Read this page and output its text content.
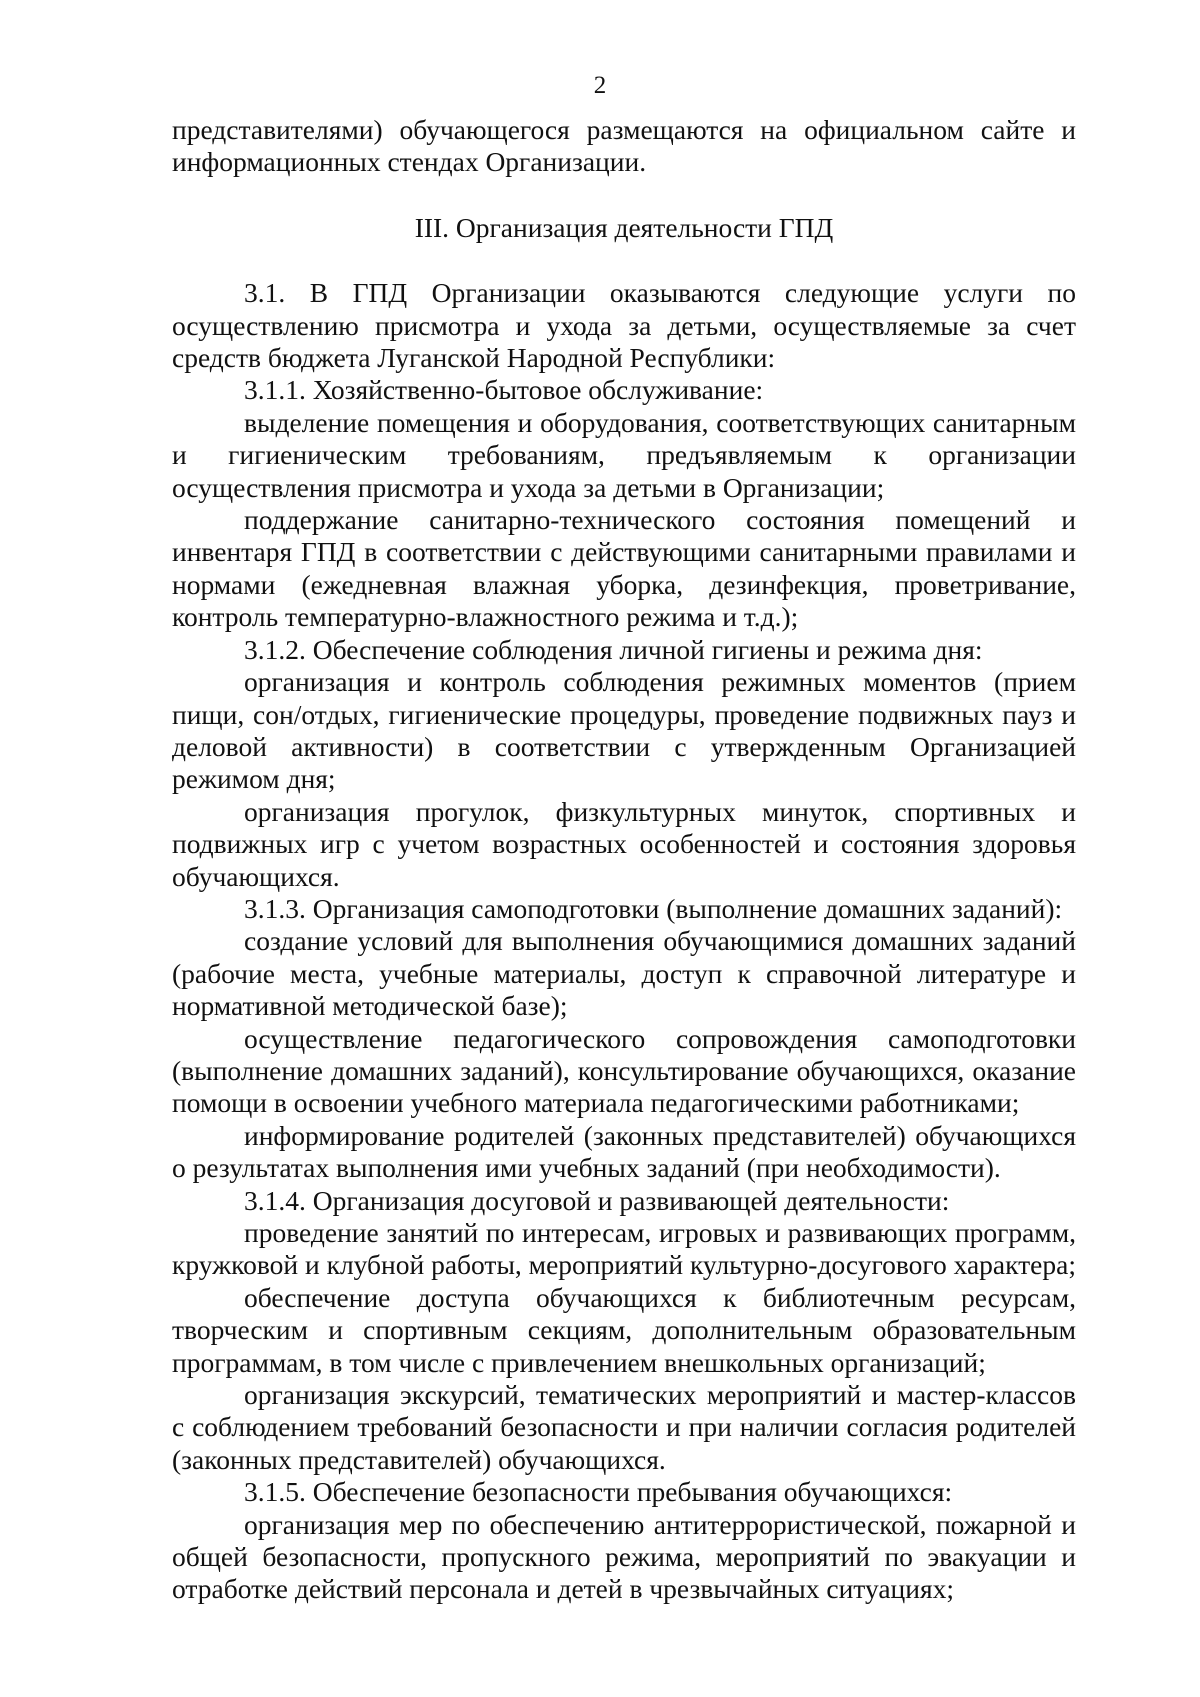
2

представителями) обучающегося размещаются на официальном сайте и информационных стендах Организации.

III. Организация деятельности ГПД

3.1. В ГПД Организации оказываются следующие услуги по осуществлению присмотра и ухода за детьми, осуществляемые за счет средств бюджета Луганской Народной Республики:

3.1.1. Хозяйственно-бытовое обслуживание:

выделение помещения и оборудования, соответствующих санитарным и гигиеническим требованиям, предъявляемым к организации осуществления присмотра и ухода за детьми в Организации;

поддержание санитарно-технического состояния помещений и инвентаря ГПД в соответствии с действующими санитарными правилами и нормами (ежедневная влажная уборка, дезинфекция, проветривание, контроль температурно-влажностного режима и т.д.);

3.1.2. Обеспечение соблюдения личной гигиены и режима дня:

организация и контроль соблюдения режимных моментов (прием пищи, сон/отдых, гигиенические процедуры, проведение подвижных пауз и деловой активности) в соответствии с утвержденным Организацией режимом дня;

организация прогулок, физкультурных минуток, спортивных и подвижных игр с учетом возрастных особенностей и состояния здоровья обучающихся.

3.1.3. Организация самоподготовки (выполнение домашних заданий):

создание условий для выполнения обучающимися домашних заданий (рабочие места, учебные материалы, доступ к справочной литературе и нормативной методической базе);

осуществление педагогического сопровождения самоподготовки (выполнение домашних заданий), консультирование обучающихся, оказание помощи в освоении учебного материала педагогическими работниками;

информирование родителей (законных представителей) обучающихся о результатах выполнения ими учебных заданий (при необходимости).

3.1.4. Организация досуговой и развивающей деятельности:

проведение занятий по интересам, игровых и развивающих программ, кружковой и клубной работы, мероприятий культурно-досугового характера;

обеспечение доступа обучающихся к библиотечным ресурсам, творческим и спортивным секциям, дополнительным образовательным программам, в том числе с привлечением внешкольных организаций;

организация экскурсий, тематических мероприятий и мастер-классов с соблюдением требований безопасности и при наличии согласия родителей (законных представителей) обучающихся.

3.1.5. Обеспечение безопасности пребывания обучающихся:

организация мер по обеспечению антитеррористической, пожарной и общей безопасности, пропускного режима, мероприятий по эвакуации и отработке действий персонала и детей в чрезвычайных ситуациях;
